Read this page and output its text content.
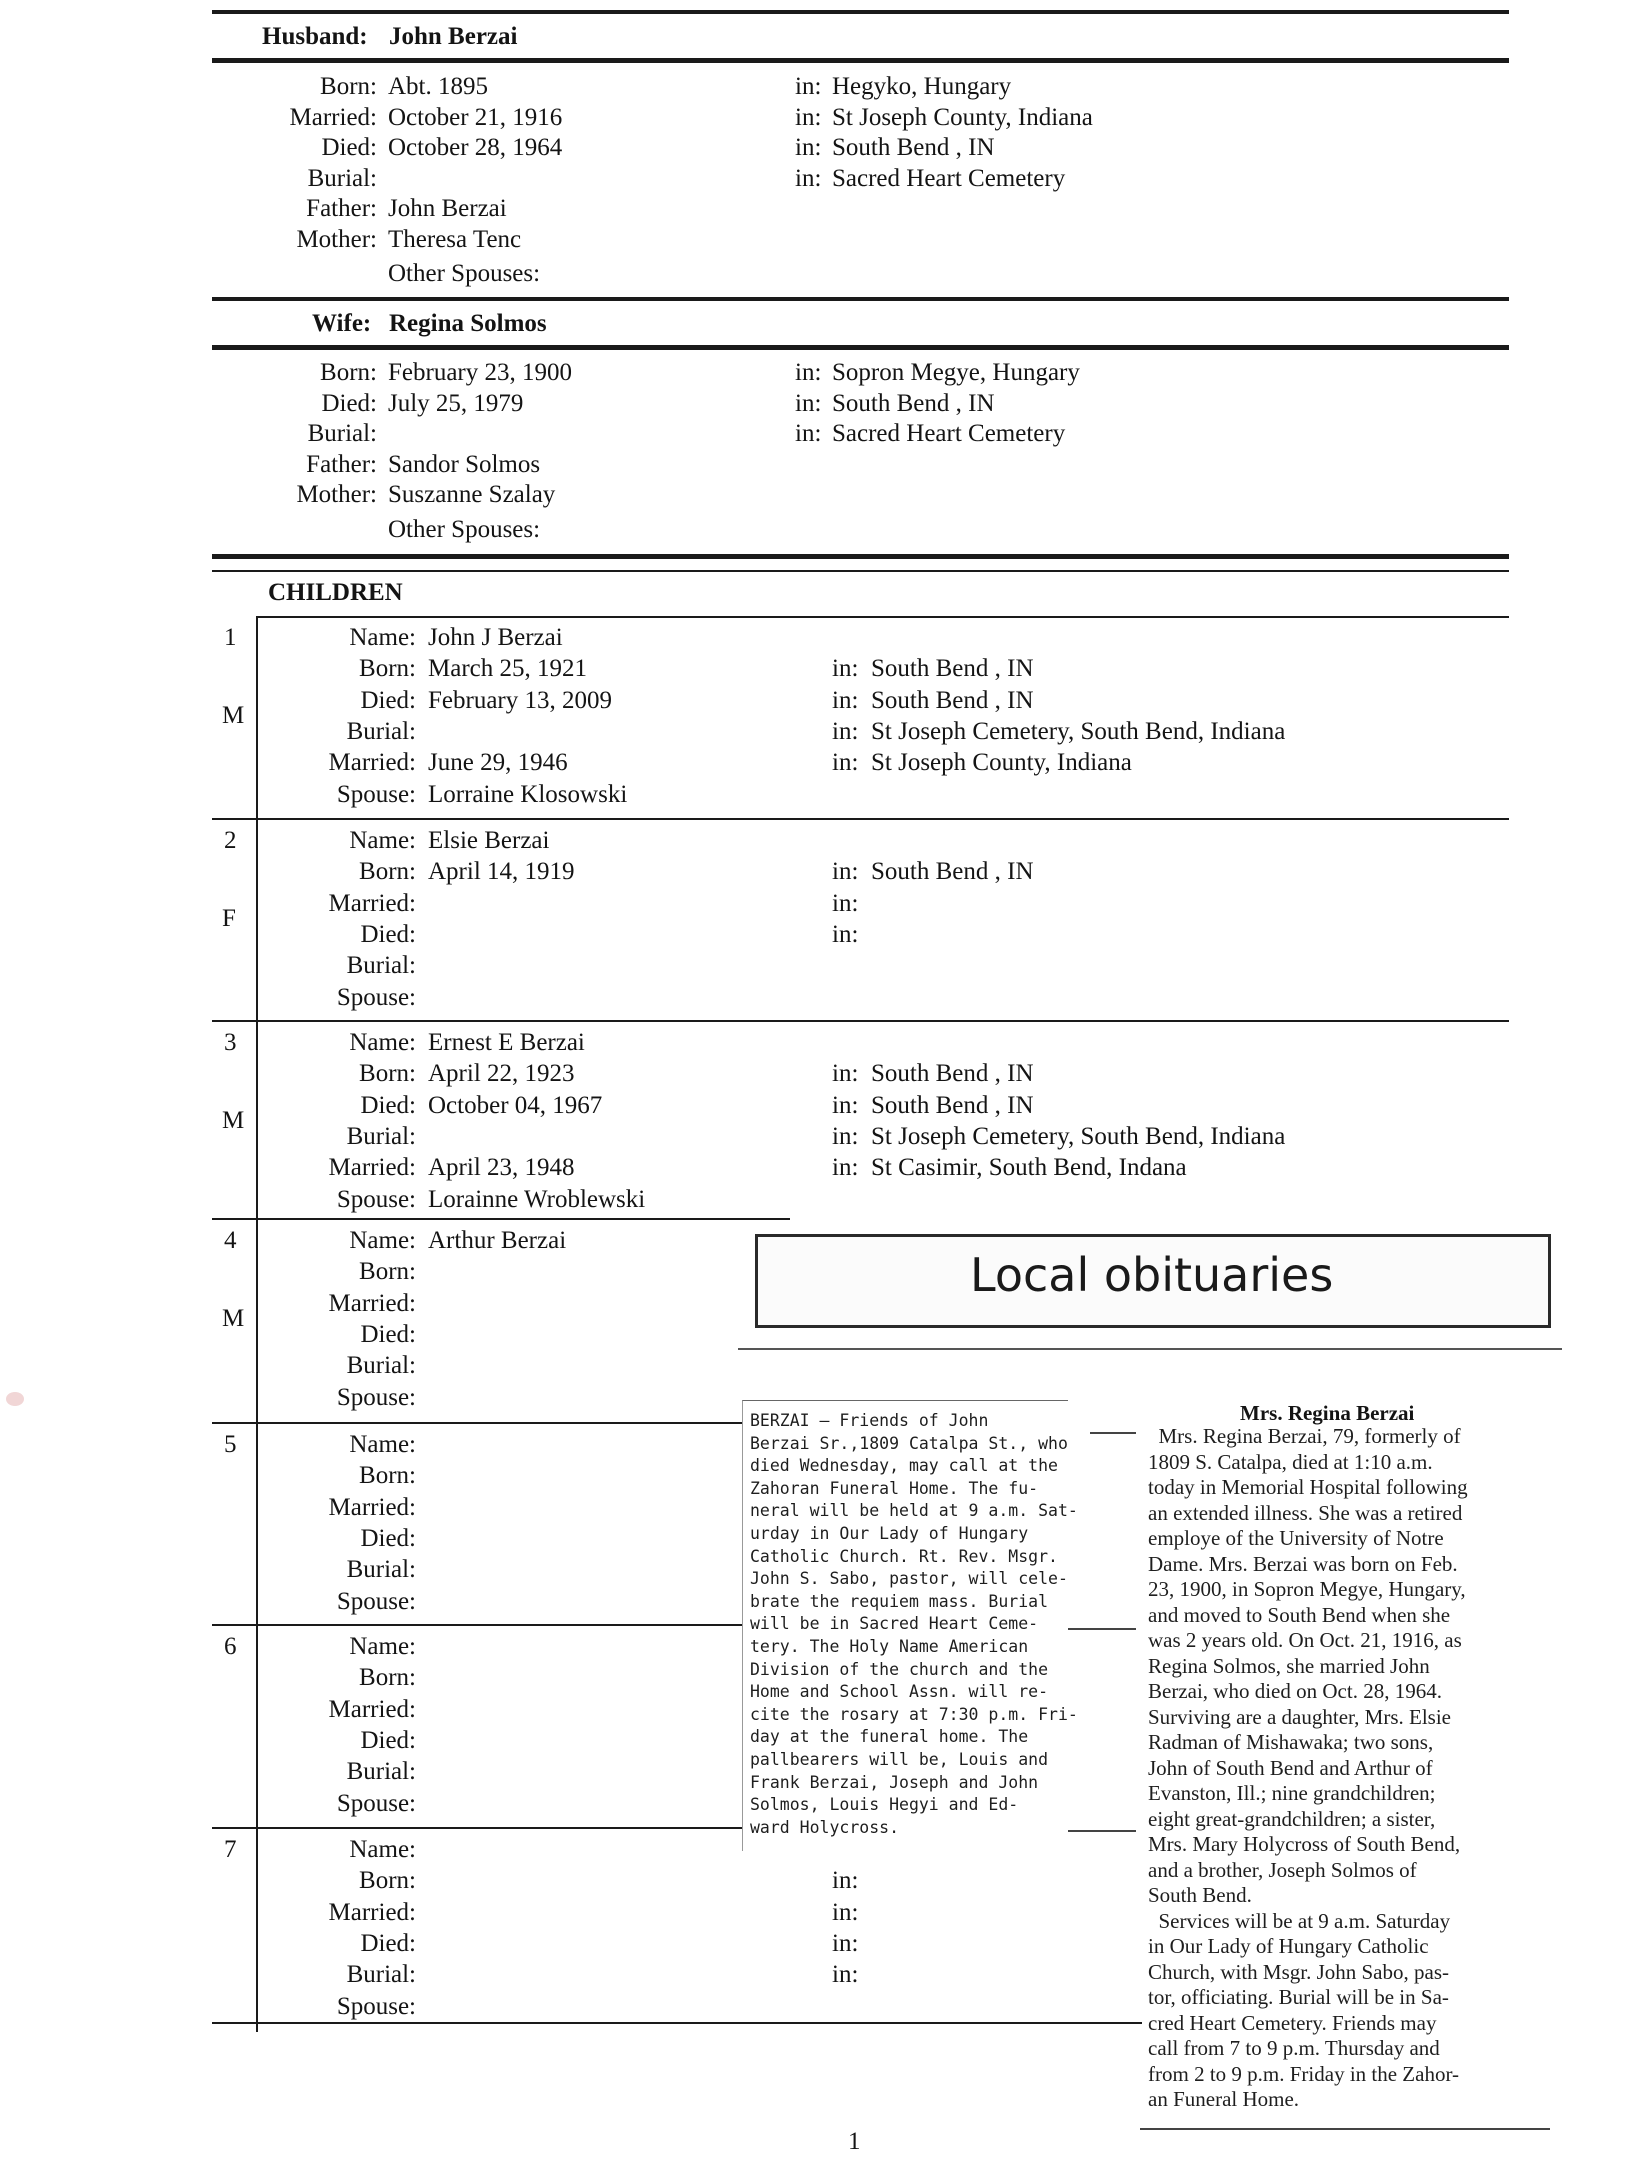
Husband: John Berzai
Born: Abt. 1895	in: Hegyko, Hungary
Married: October 21, 1916	in: St Joseph County, Indiana
Died: October 28, 1964	in: South Bend , IN
Burial:	in: Sacred Heart Cemetery
Father: John Berzai
Mother: Theresa Tenc
Other Spouses:
Wife: Regina Solmos
Born: February 23, 1900	in: Sopron Megye, Hungary
Died: July 25, 1979	in: South Bend , IN
Burial:	in: Sacred Heart Cemetery
Father: Sandor Solmos
Mother: Suszanne Szalay
Other Spouses:
CHILDREN
1
M
Name: John J Berzai
Born: March 25, 1921	in: South Bend , IN
Died: February 13, 2009	in: South Bend , IN
Burial:	in: St Joseph Cemetery, South Bend, Indiana
Married: June 29, 1946	in: St Joseph County, Indiana
Spouse: Lorraine Klosowski
2
F
Name: Elsie Berzai
Born: April 14, 1919	in: South Bend , IN
Married:	in:
Died:	in:
Burial:
Spouse:
3
M
Name: Ernest E Berzai
Born: April 22, 1923	in: South Bend , IN
Died: October 04, 1967	in: South Bend , IN
Burial:	in: St Joseph Cemetery, South Bend, Indiana
Married: April 23, 1948	in: St Casimir, South Bend, Indana
Spouse: Lorainne Wroblewski
4
M
Name: Arthur Berzai
Born:
Married:
Died:
Burial:
Spouse:
5	Name:
Born:
Married:
Died:
Burial:
Spouse:
6	Name:
Born:
Married:
Died:
Burial:
Spouse:
7	Name:
Born:	in:
Married:	in:
Died:	in:
Burial:	in:
Spouse:
Local obituaries
BERZAI — Friends of John
Berzai Sr.,1809 Catalpa St., who
died Wednesday, may call at the
Zahoran Funeral Home. The fu-
neral will be held at 9 a.m. Sat-
urday in Our Lady of Hungary
Catholic Church. Rt. Rev. Msgr.
John S. Sabo, pastor, will cele-
brate the requiem mass. Burial
will be in Sacred Heart Ceme-
tery. The Holy Name American
Division of the church and the
Home and School Assn. will re-
cite the rosary at 7:30 p.m. Fri-
day at the funeral home. The
pallbearers will be, Louis and
Frank Berzai, Joseph and John
Solmos, Louis Hegyi and Ed-
ward Holycross.
Mrs. Regina Berzai
Mrs. Regina Berzai, 79, formerly of
1809 S. Catalpa, died at 1:10 a.m.
today in Memorial Hospital following
an extended illness. She was a retired
employe of the University of Notre
Dame. Mrs. Berzai was born on Feb.
23, 1900, in Sopron Megye, Hungary,
and moved to South Bend when she
was 2 years old. On Oct. 21, 1916, as
Regina Solmos, she married John
Berzai, who died on Oct. 28, 1964.
Surviving are a daughter, Mrs. Elsie
Radman of Mishawaka; two sons,
John of South Bend and Arthur of
Evanston, Ill.; nine grandchildren;
eight great-grandchildren; a sister,
Mrs. Mary Holycross of South Bend,
and a brother, Joseph Solmos of
South Bend.
Services will be at 9 a.m. Saturday
in Our Lady of Hungary Catholic
Church, with Msgr. John Sabo, pas-
tor, officiating. Burial will be in Sa-
cred Heart Cemetery. Friends may
call from 7 to 9 p.m. Thursday and
from 2 to 9 p.m. Friday in the Zahor-
an Funeral Home.
1
